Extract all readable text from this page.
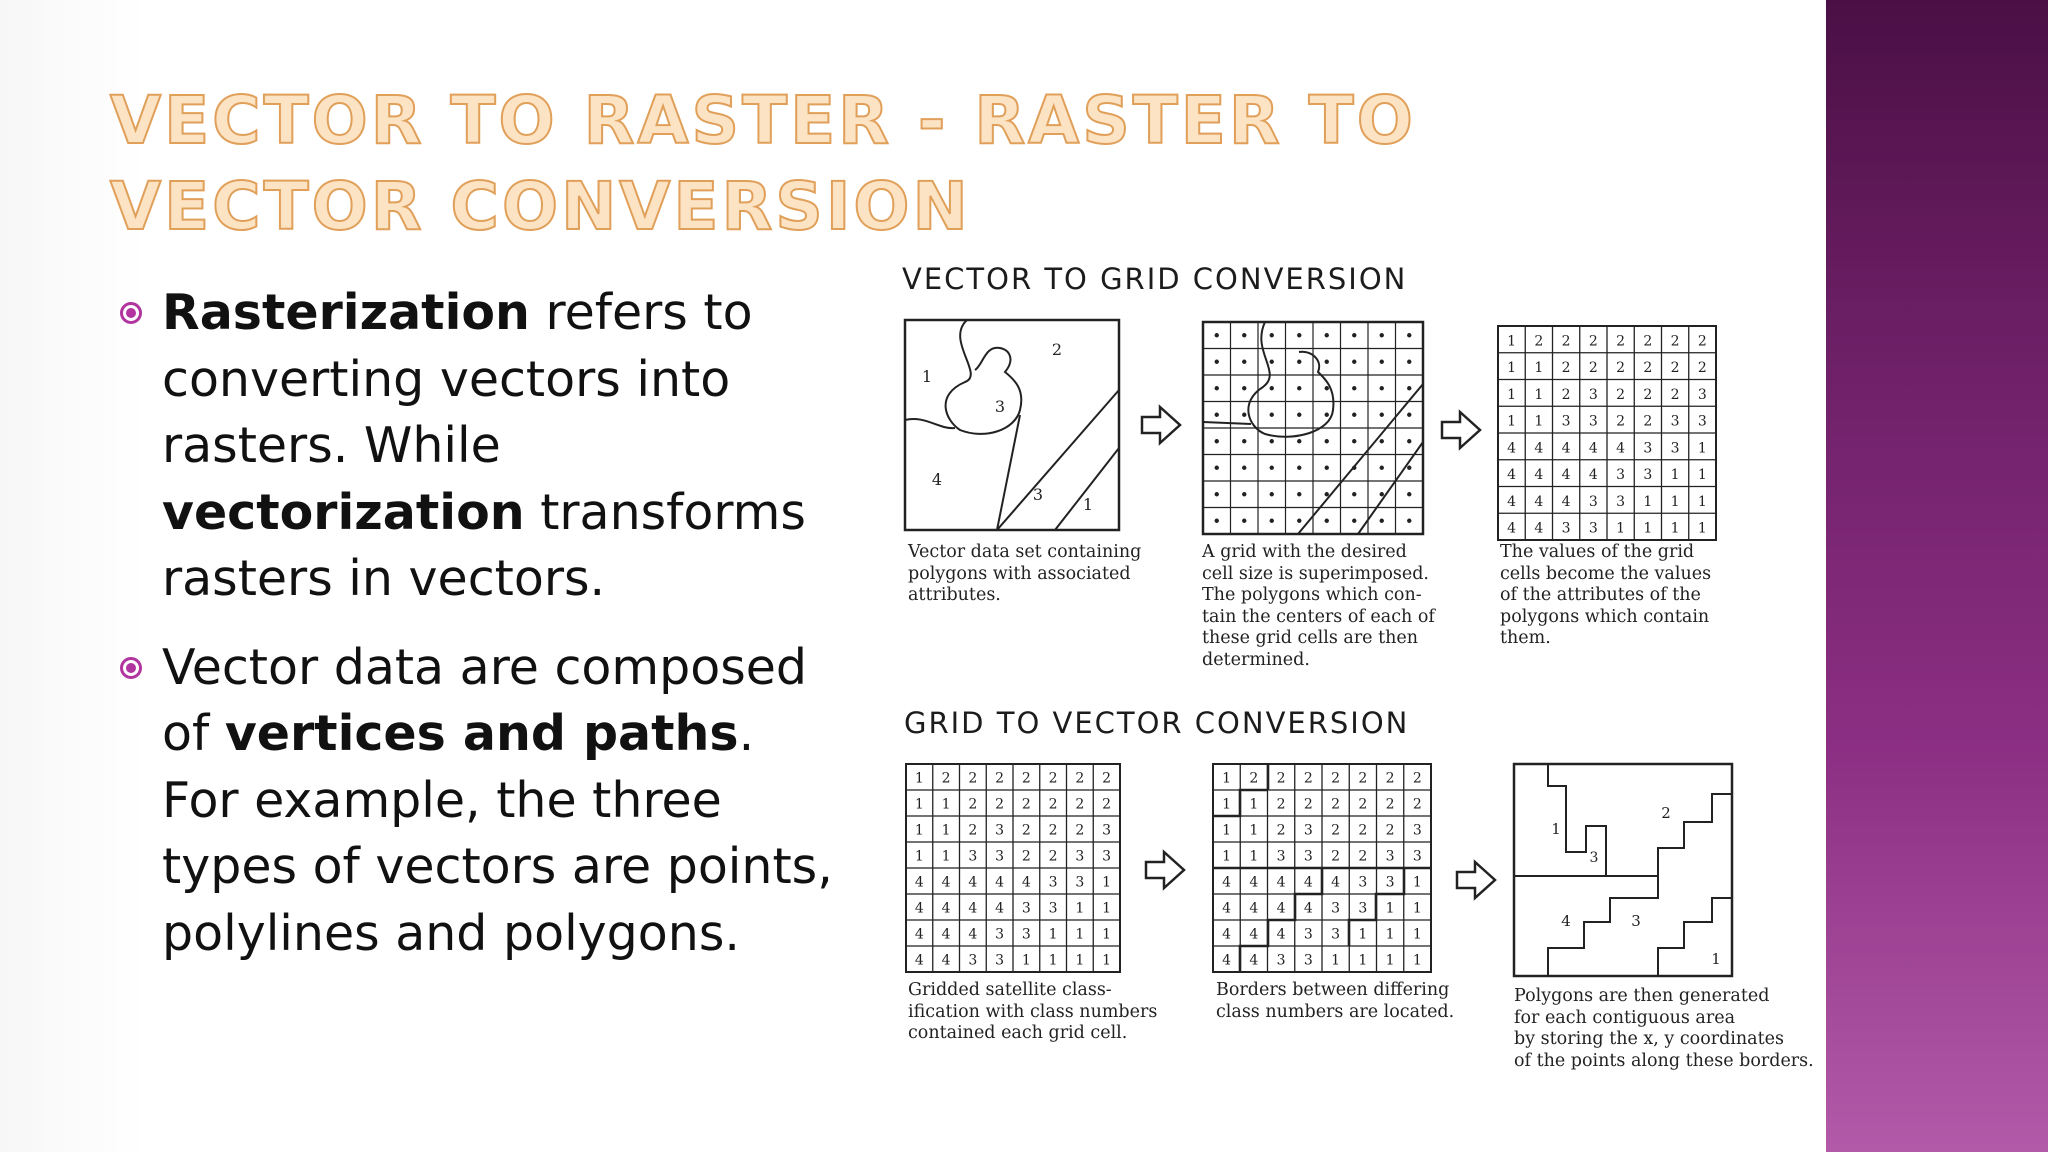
VECTOR TO RASTER - RASTER TO VECTOR CONVERSION
Rasterization refers to converting vectors into rasters. While vectorization transforms rasters in vectors.
Vector data are composed of vertices and paths. For example, the three types of vectors are points, polylines and polygons.
1
2
3
4
3
1
1 2 2 2 2 2 2 2
1 1 2 2 2 2 2 2
1 1 2 3 2 2 2 3
1 1 3 3 2 2 3 3
4 4 4 4 4 3 3 1
4 4 4 4 3 3 1 1
4 4 4 3 3 1 1 1
4 4 3 3 1 1 1 1
1 2 2 2 2 2 2 2
1 1 2 2 2 2 2 2
1 1 2 3 2 2 2 3
1 1 3 3 2 2 3 3
4 4 4 4 4 3 3 1
4 4 4 4 3 3 1 1
4 4 4 3 3 1 1 1
4 4 3 3 1 1 1 1
1 2 2 2 2 2 2 2
1 1 2 2 2 2 2 2
1 1 2 3 2 2 2 3
1 1 3 3 2 2 3 3
4 4 4 4 4 3 3 1
4 4 4 4 3 3 1 1
4 4 4 3 3 1 1 1
4 4 3 3 1 1 1 1
1
2
3
4	3
1
VECTOR TO GRID CONVERSION
Vector data set containing
polygons with associated
attributes.
A grid with the desired
cell size is superimposed.
The polygons which con-
tain the centers of each of
these grid cells are then
determined.
The values of the grid
cells become the values
of the attributes of the
polygons which contain
them.
GRID TO VECTOR CONVERSION
Gridded satellite class-
ification with class numbers
contained each grid cell.
Borders between differing
class numbers are located.
Polygons are then generated
for each contiguous area
by storing the x, y coordinates
of the points along these borders.
